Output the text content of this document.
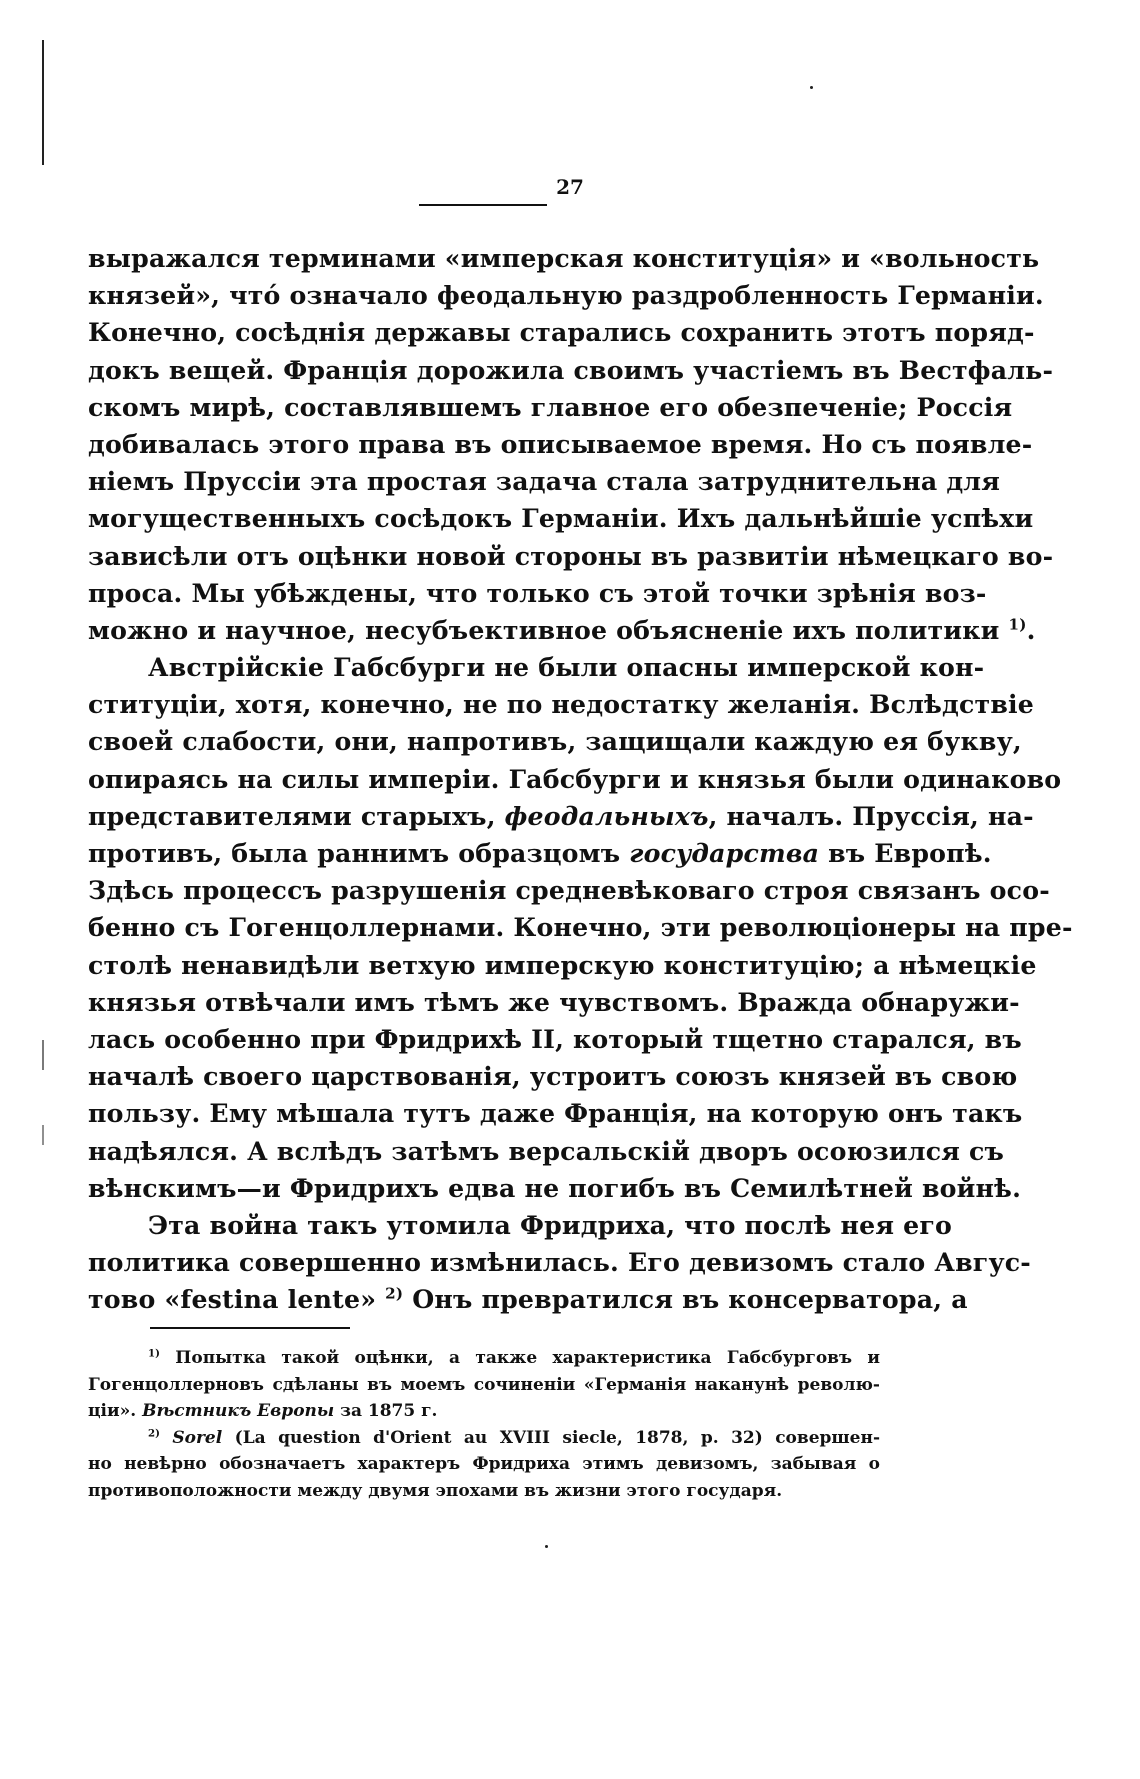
27
выражался терминами «имперская конституція» и «вольность
князей», чтó означало феодальную раздробленность Германіи.
Конечно, сосѣднія державы старались сохранить этотъ поряд-
докъ вещей. Франція дорожила своимъ участіемъ въ Вестфаль-
скомъ мирѣ, составлявшемъ главное его обезпеченіе; Россія
добивалась этого права въ описываемое время. Но съ появле-
ніемъ Пруссіи эта простая задача стала затруднительна для
могущественныхъ сосѣдокъ Германіи. Ихъ дальнѣйшіе успѣхи
зависѣли отъ оцѣнки новой стороны въ развитіи нѣмецкаго во-
проса. Мы убѣждены, что только съ этой точки зрѣнія воз-
можно и научное, несубъективное объясненіе ихъ политики $^{1)}$.
Австрійскіе Габсбурги не были опасны имперской кон-
ституціи, хотя, конечно, не по недостатку желанія. Вслѣдствіе
своей слабости, они, напротивъ, защищали каждую ея букву,
опираясь на силы имперіи. Габсбурги и князья были одинаково
представителями старыхъ, феодальныхъ, началъ. Пруссія, на-
противъ, была раннимъ образцомъ государства въ Европѣ.
Здѣсь процессъ разрушенія средневѣковаго строя связанъ осо-
бенно съ Гогенцоллернами. Конечно, эти революціонеры на пре-
столѣ ненавидѣли ветхую имперскую конституцію; а нѣмецкіе
князья отвѣчали имъ тѣмъ же чувствомъ. Вражда обнаружи-
лась особенно при Фридрихѣ II, который тщетно старался, въ
началѣ своего царствованія, устроитъ союзъ князей въ свою
пользу. Ему мѣшала тутъ даже Франція, на которую онъ такъ
надѣялся. А вслѣдъ затѣмъ версальскій дворъ осоюзился съ
вѣнскимъ—и Фридрихъ едва не погибъ въ Семилѣтней войнѣ.
Эта война такъ утомила Фридриха, что послѣ нея его
политика совершенно измѣнилась. Его девизомъ стало Авгус-
тово «festina lente» $^{2)}$ Онъ превратился въ консерватора, а
$^{1)}$ Попытка такой оцѣнки, а также характеристика Габсбурговъ и
Гогенцоллерновъ сдѣланы въ моемъ сочиненіи «Германія наканунѣ револю-
ціи». Вѣстникъ Европы за 1875 г.
$^{2)}$ Sorel (La question d'Orient au XVIII siecle, 1878, p. 32) совершен-
но невѣрно обозначаетъ характеръ Фридриха этимъ девизомъ, забывая о
противоположности между двумя эпохами въ жизни этого государя.
